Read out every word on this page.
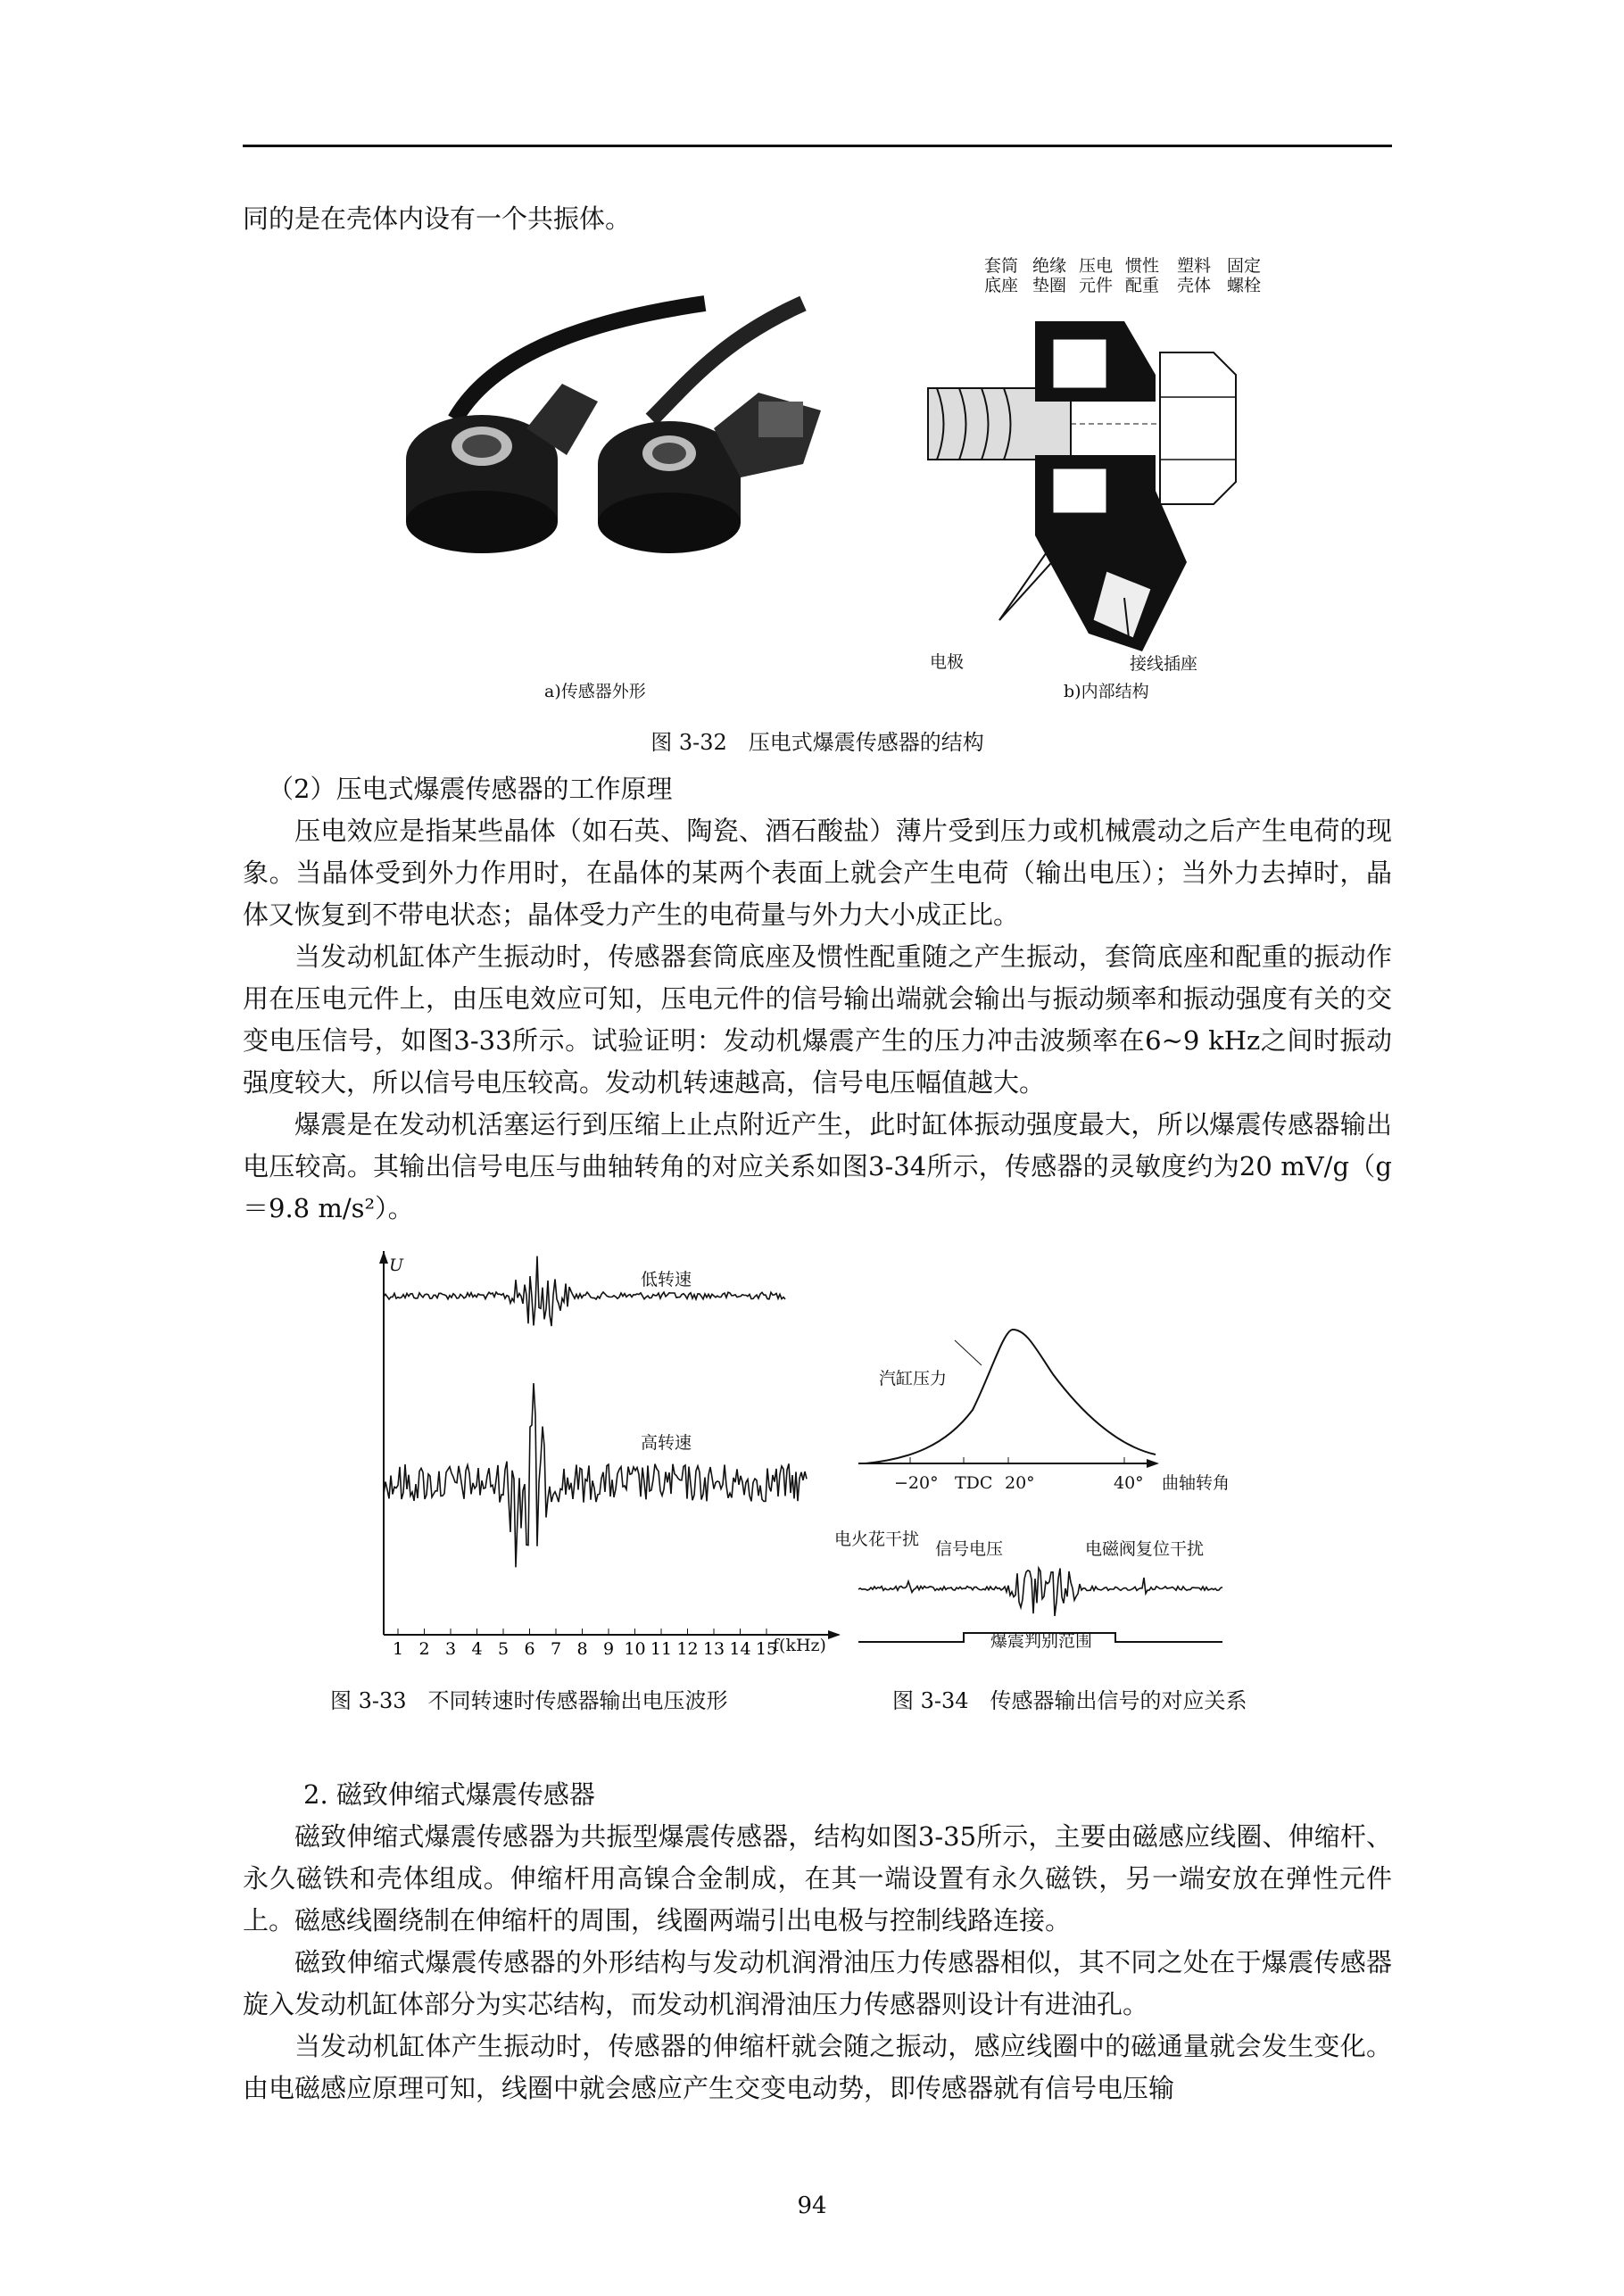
同的是在壳体内设有一个共振体。

套筒
底座
绝缘
垫圈
压电
元件
惯性
配重
塑料
壳体
固定
螺栓
电极	接线插座
a)传感器外形	b)内部结构
图 3-32　压电式爆震传感器的结构
（2）压电式爆震传感器的工作原理

压电效应是指某些晶体（如石英、陶瓷、酒石酸盐）薄片受到压力或机械震动之后产生电荷的现象。当晶体受到外力作用时，在晶体的某两个表面上就会产生电荷（输出电压）；当外力去掉时，晶体又恢复到不带电状态；晶体受力产生的电荷量与外力大小成正比。

当发动机缸体产生振动时，传感器套筒底座及惯性配重随之产生振动，套筒底座和配重的振动作用在压电元件上，由压电效应可知，压电元件的信号输出端就会输出与振动频率和振动强度有关的交变电压信号，如图3-33所示。试验证明：发动机爆震产生的压力冲击波频率在6~9 kHz之间时振动强度较大，所以信号电压较高。发动机转速越高，信号电压幅值越大。

爆震是在发动机活塞运行到压缩上止点附近产生，此时缸体振动强度最大，所以爆震传感器输出电压较高。其输出信号电压与曲轴转角的对应关系如图3-34所示，传感器的灵敏度约为20 mV/g（g＝9.8 m/s²）。

1 2 3 4 5 6 7 8 9 10 11 12 13 14 15
U
低转速
高转速
f(kHz)
图 3-33　不同转速时传感器输出电压波形
汽缸压力
−20° TDC 20°	40° 曲轴转角
电火花干扰 信号电压	电磁阀复位干扰
爆震判别范围
图 3-34　传感器输出信号的对应关系
2. 磁致伸缩式爆震传感器

磁致伸缩式爆震传感器为共振型爆震传感器，结构如图3-35所示，主要由磁感应线圈、伸缩杆、永久磁铁和壳体组成。伸缩杆用高镍合金制成，在其一端设置有永久磁铁，另一端安放在弹性元件上。磁感线圈绕制在伸缩杆的周围，线圈两端引出电极与控制线路连接。

磁致伸缩式爆震传感器的外形结构与发动机润滑油压力传感器相似，其不同之处在于爆震传感器旋入发动机缸体部分为实芯结构，而发动机润滑油压力传感器则设计有进油孔。

当发动机缸体产生振动时，传感器的伸缩杆就会随之振动，感应线圈中的磁通量就会发生变化。由电磁感应原理可知，线圈中就会感应产生交变电动势，即传感器就有信号电压输

94
